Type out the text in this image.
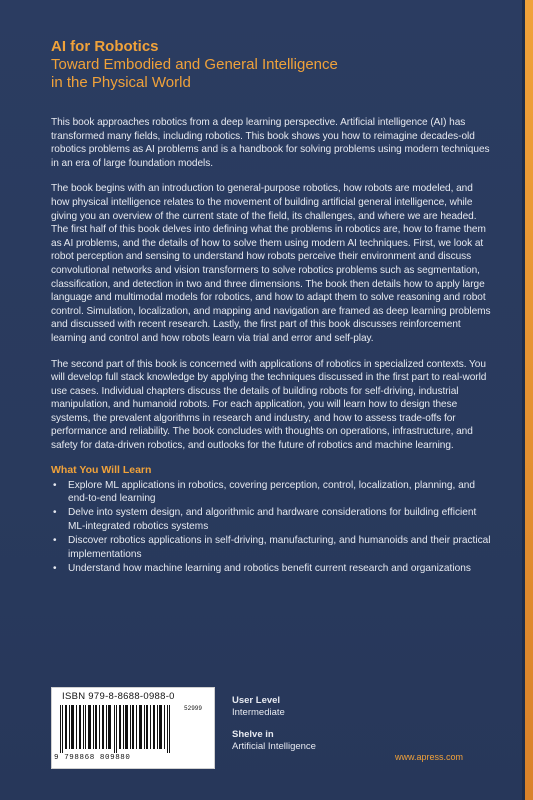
AI for Robotics
Toward Embodied and General Intelligence
in the Physical World

This book approaches robotics from a deep learning perspective. Artificial intelligence (AI) has transformed many fields, including robotics. This book shows you how to reimagine decades-old robotics problems as AI problems and is a handbook for solving problems using modern techniques in an era of large foundation models.

The book begins with an introduction to general-purpose robotics, how robots are modeled, and how physical intelligence relates to the movement of building artificial general intelligence, while giving you an overview of the current state of the field, its challenges, and where we are headed. The first half of this book delves into defining what the problems in robotics are, how to frame them as AI problems, and the details of how to solve them using modern AI techniques. First, we look at robot perception and sensing to understand how robots perceive their environment and discuss convolutional networks and vision transformers to solve robotics problems such as segmentation, classification, and detection in two and three dimensions. The book then details how to apply large language and multimodal models for robotics, and how to adapt them to solve reasoning and robot control. Simulation, localization, and mapping and navigation are framed as deep learning problems and discussed with recent research. Lastly, the first part of this book discusses reinforcement learning and control and how robots learn via trial and error and self-play.

The second part of this book is concerned with applications of robotics in specialized contexts. You will develop full stack knowledge by applying the techniques discussed in the first part to real-world use cases. Individual chapters discuss the details of building robots for self-driving, industrial manipulation, and humanoid robots. For each application, you will learn how to design these systems, the prevalent algorithms in research and industry, and how to assess trade-offs for performance and reliability. The book concludes with thoughts on operations, infrastructure, and safety for data-driven robotics, and outlooks for the future of robotics and machine learning.

What You Will Learn
• Explore ML applications in robotics, covering perception, control, localization, planning, and end-to-end learning
• Delve into system design, and algorithmic and hardware considerations for building efficient ML-integrated robotics systems
• Discover robotics applications in self-driving, manufacturing, and humanoids and their practical implementations
• Understand how machine learning and robotics benefit current research and organizations
ISBN 979-8-8688-0988-0
52999
9 798868 809880
User Level
Intermediate
Shelve in
Artificial Intelligence
www.apress.com
